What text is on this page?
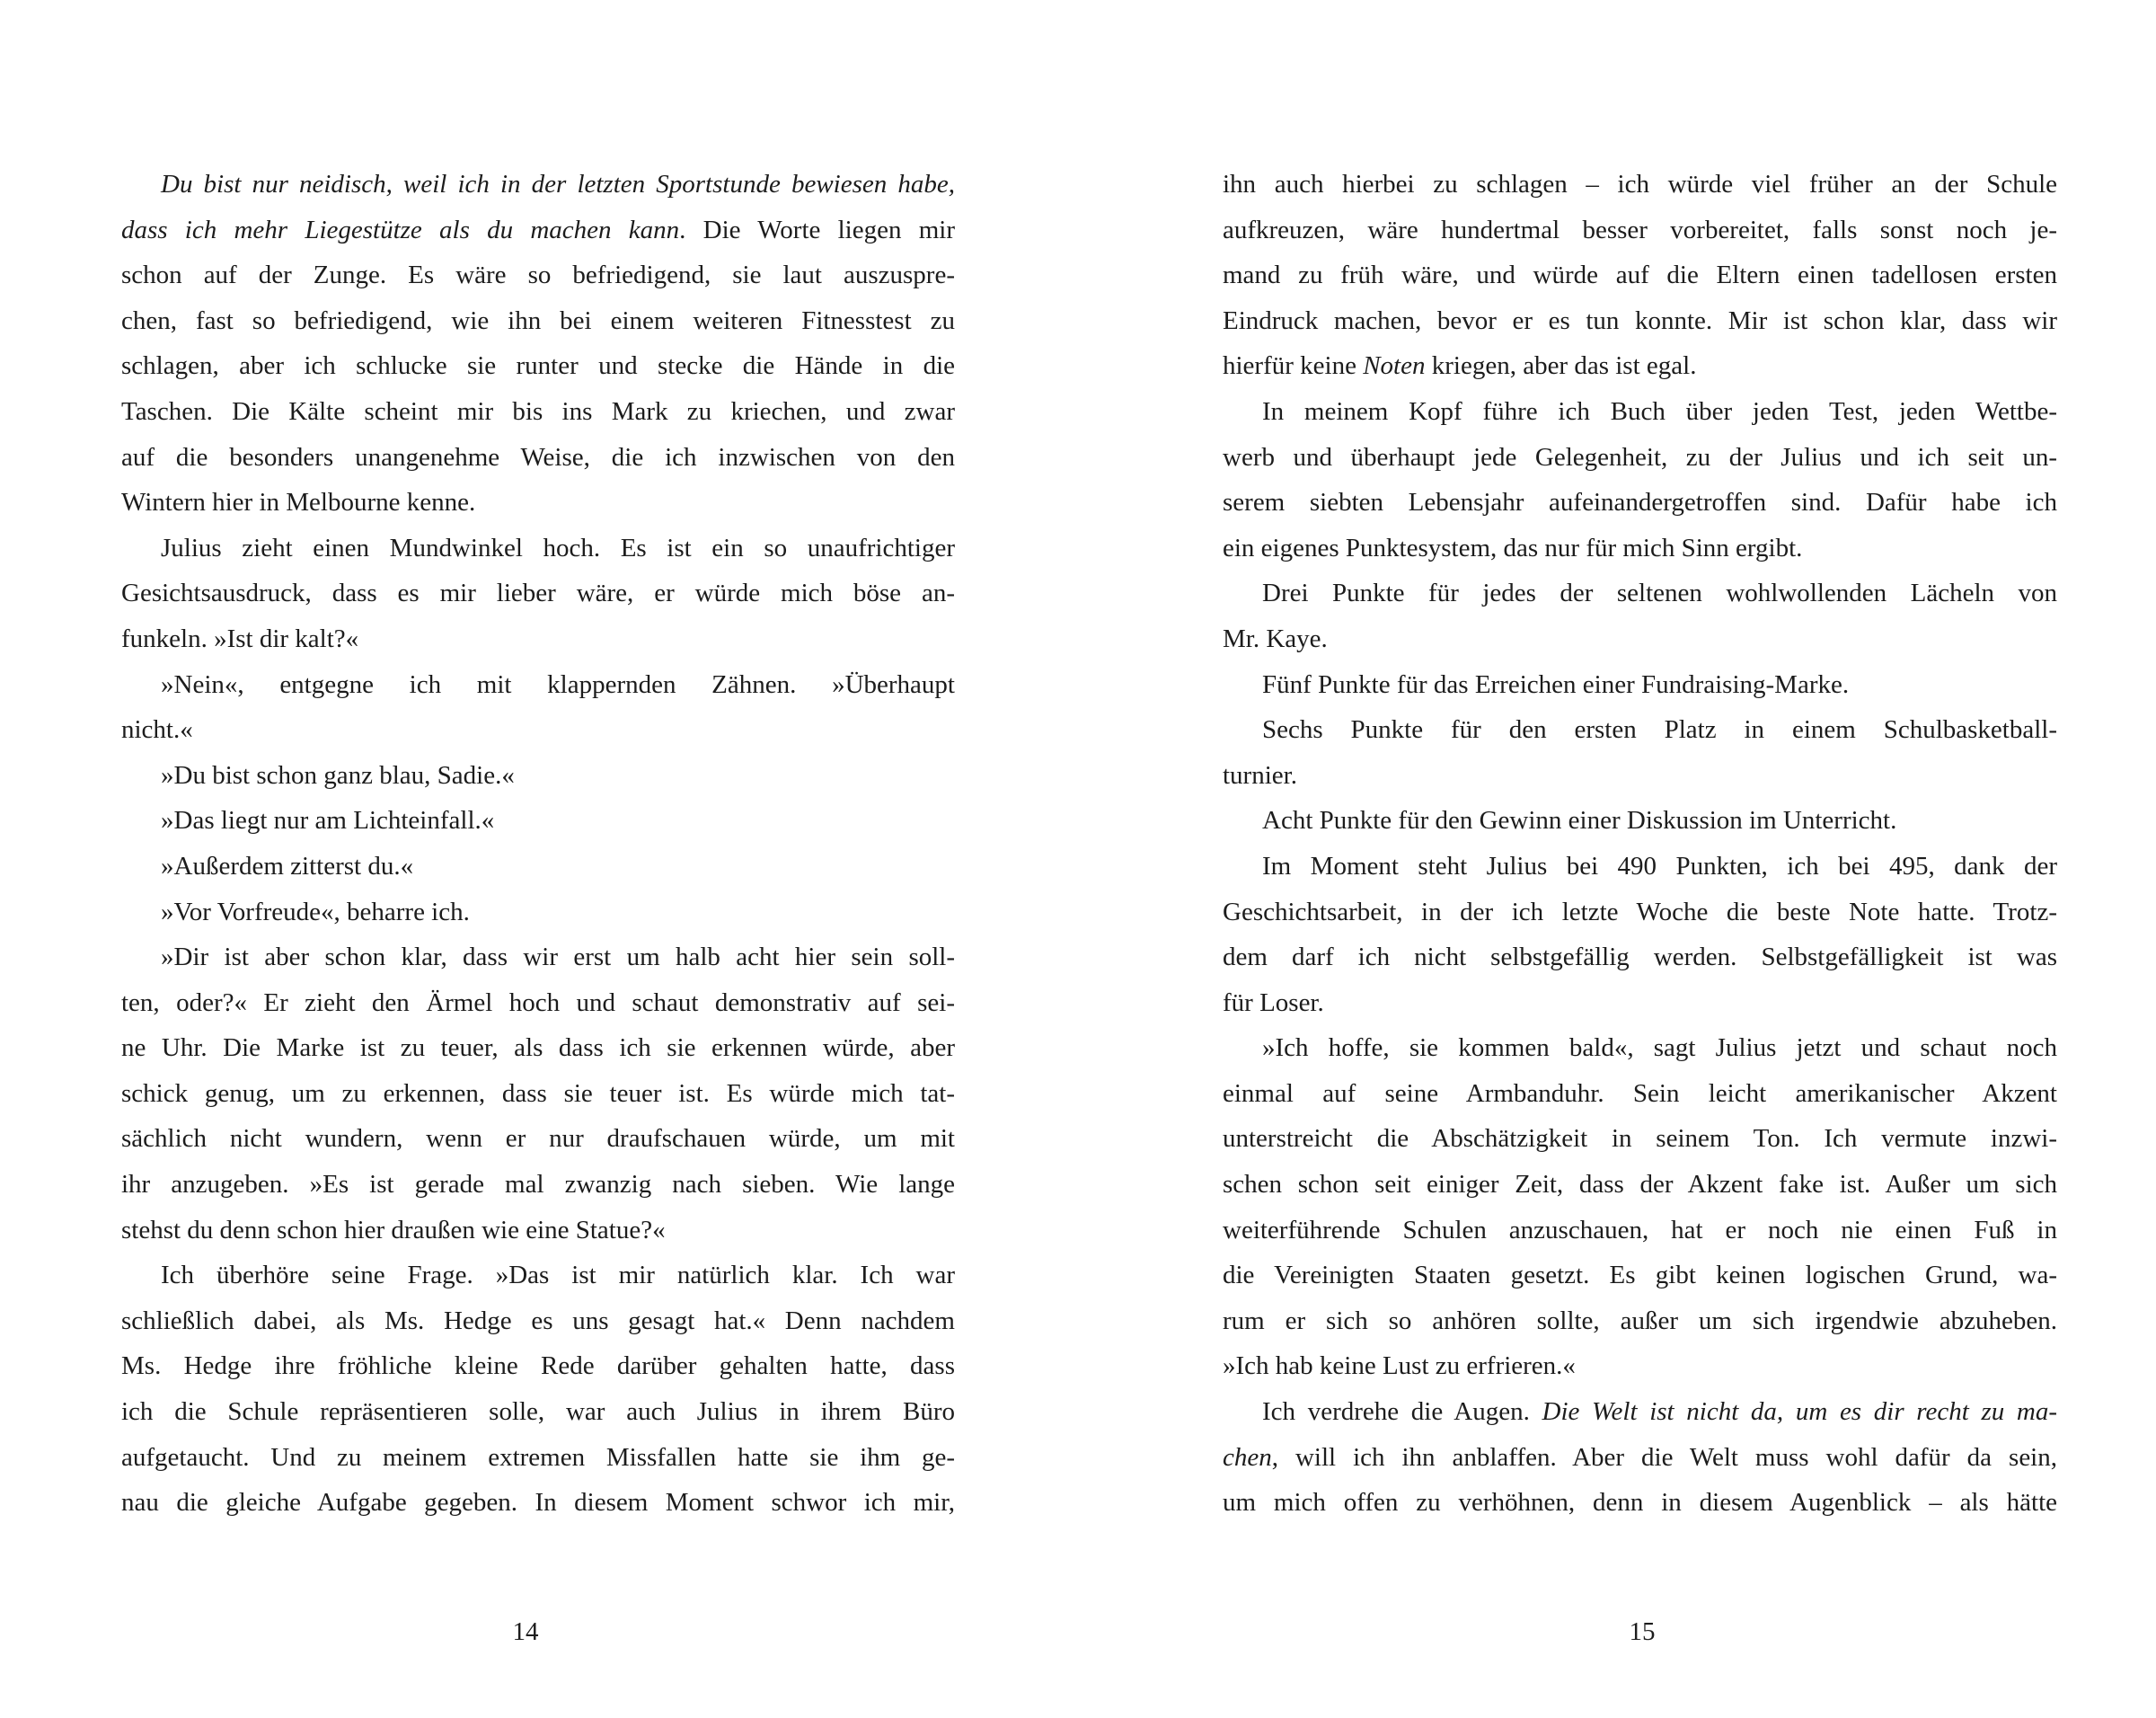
Du bist nur neidisch, weil ich in der letzten Sportstunde bewiesen habe,
dass ich mehr Liegestütze als du machen kann. Die Worte liegen mir
schon auf der Zunge. Es wäre so befriedigend, sie laut auszuspre-
chen, fast so befriedigend, wie ihn bei einem weiteren Fitnesstest zu
schlagen, aber ich schlucke sie runter und stecke die Hände in die
Taschen. Die Kälte scheint mir bis ins Mark zu kriechen, und zwar
auf die besonders unangenehme Weise, die ich inzwischen von den
Wintern hier in Melbourne kenne.
Julius zieht einen Mundwinkel hoch. Es ist ein so unaufrichtiger
Gesichtsausdruck, dass es mir lieber wäre, er würde mich böse an-
funkeln. »Ist dir kalt?«
»Nein«, entgegne ich mit klappernden Zähnen. »Überhaupt
nicht.«
»Du bist schon ganz blau, Sadie.«
»Das liegt nur am Lichteinfall.«
»Außerdem zitterst du.«
»Vor Vorfreude«, beharre ich.
»Dir ist aber schon klar, dass wir erst um halb acht hier sein soll-
ten, oder?« Er zieht den Ärmel hoch und schaut demonstrativ auf sei-
ne Uhr. Die Marke ist zu teuer, als dass ich sie erkennen würde, aber
schick genug, um zu erkennen, dass sie teuer ist. Es würde mich tat-
sächlich nicht wundern, wenn er nur draufschauen würde, um mit
ihr anzugeben. »Es ist gerade mal zwanzig nach sieben. Wie lange
stehst du denn schon hier draußen wie eine Statue?«
Ich überhöre seine Frage. »Das ist mir natürlich klar. Ich war
schließlich dabei, als Ms. Hedge es uns gesagt hat.« Denn nachdem
Ms. Hedge ihre fröhliche kleine Rede darüber gehalten hatte, dass
ich die Schule repräsentieren solle, war auch Julius in ihrem Büro
aufgetaucht. Und zu meinem extremen Missfallen hatte sie ihm ge-
nau die gleiche Aufgabe gegeben. In diesem Moment schwor ich mir,
14
ihn auch hierbei zu schlagen – ich würde viel früher an der Schule
aufkreuzen, wäre hundertmal besser vorbereitet, falls sonst noch je-
mand zu früh wäre, und würde auf die Eltern einen tadellosen ersten
Eindruck machen, bevor er es tun konnte. Mir ist schon klar, dass wir
hierfür keine Noten kriegen, aber das ist egal.
In meinem Kopf führe ich Buch über jeden Test, jeden Wettbe-
werb und überhaupt jede Gelegenheit, zu der Julius und ich seit un-
serem siebten Lebensjahr aufeinandergetroffen sind. Dafür habe ich
ein eigenes Punktesystem, das nur für mich Sinn ergibt.
Drei Punkte für jedes der seltenen wohlwollenden Lächeln von
Mr. Kaye.
Fünf Punkte für das Erreichen einer Fundraising-Marke.
Sechs Punkte für den ersten Platz in einem Schulbasketball-
turnier.
Acht Punkte für den Gewinn einer Diskussion im Unterricht.
Im Moment steht Julius bei 490 Punkten, ich bei 495, dank der
Geschichtsarbeit, in der ich letzte Woche die beste Note hatte. Trotz-
dem darf ich nicht selbstgefällig werden. Selbstgefälligkeit ist was
für Loser.
»Ich hoffe, sie kommen bald«, sagt Julius jetzt und schaut noch
einmal auf seine Armbanduhr. Sein leicht amerikanischer Akzent
unterstreicht die Abschätzigkeit in seinem Ton. Ich vermute inzwi-
schen schon seit einiger Zeit, dass der Akzent fake ist. Außer um sich
weiterführende Schulen anzuschauen, hat er noch nie einen Fuß in
die Vereinigten Staaten gesetzt. Es gibt keinen logischen Grund, wa-
rum er sich so anhören sollte, außer um sich irgendwie abzuheben.
»Ich hab keine Lust zu erfrieren.«
Ich verdrehe die Augen. Die Welt ist nicht da, um es dir recht zu ma-
chen, will ich ihn anblaffen. Aber die Welt muss wohl dafür da sein,
um mich offen zu verhöhnen, denn in diesem Augenblick – als hätte
15
